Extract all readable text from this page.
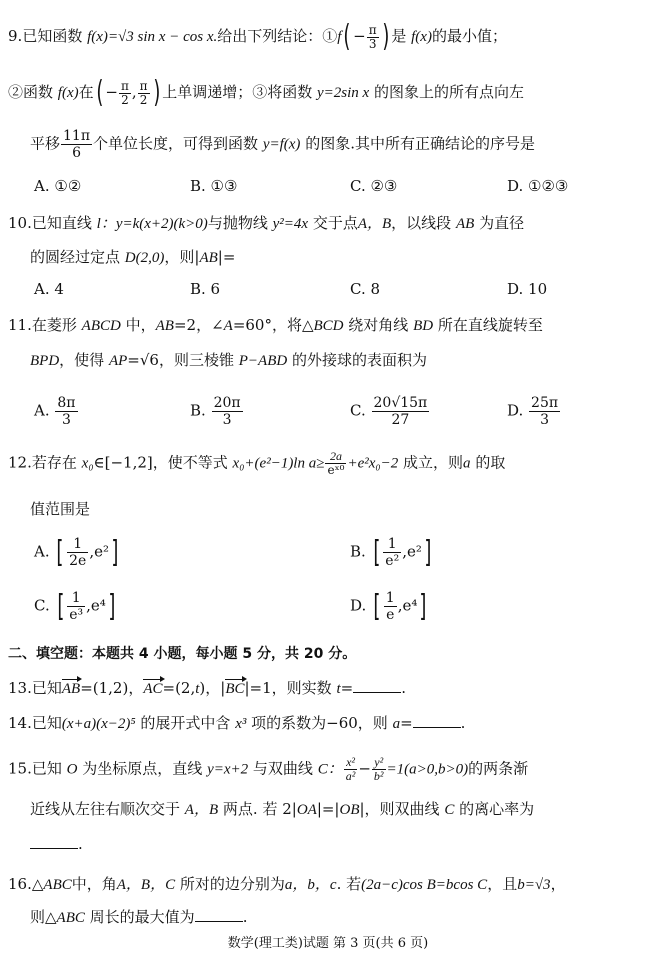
9.已知函数 f(x)=√3 sin x − cos x.给出下列结论：①f( − $\frac{\pi}{3}$ ) 是 f(x)的最小值；
②函数 f(x)在( − $\frac{\pi}{2}$ , $\frac{\pi}{2}$ ) 上单调递增；③将函数 y=2sin x 的图象上的所有点向左
平移 $\frac{11\pi}{6}$ 个单位长度，可得到函数 y=f(x) 的图象.其中所有正确结论的序号是
A. ①②	B. ①③	C. ②③	D. ①②③
10.已知直线 l：y=k(x+2)(k>0)与抛物线 y²=4x 交于点A，B，以线段 AB 为直径
的圆经过定点 D(2,0)，则|AB|=
A. 4	B. 6	C. 8	D. 10
11.在菱形 ABCD 中，AB=2，∠A=60°，将△BCD 绕对角线 BD 所在直线旋转至
BPD，使得 AP=√6，则三棱锥 P−ABD 的外接球的表面积为
A. $\frac{8\pi}{3}$	B. $\frac{20\pi}{3}$	C. $\frac{20√15\pi}{27}$	D. $\frac{25\pi}{3}$
12.若存在 x₀∈[−1,2]，使不等式 x₀+(e²−1)ln $a\ge \frac{2a}{\text{eˣ⁰}} +e^2x_0-2$ 成立，则a 的取
值范围是
A. [ $\frac{1}{2e} ,e^2$]	B. [ $\frac{1}{\text{e²}} ,e^2$]
C. [ $\frac{1}{\text{e³}} ,e^4$]	D. [ $\frac{1}{e} ,e^4$]
二、填空题：本题共 4 小题，每小题 5 分，共 20 分。
13.已知AB=(1,2)，AC=(2,t)，|BC|=1，则实数 t=	.
14.已知(x+a)(x−2)⁵ 的展开式中含 x³ 项的系数为−60，则 a=	.
15.已知 O 为坐标原点，直线 y=x+2 与双曲线 C： $\frac{\text{x²}}{\text{a²}} - \frac{\text{y²}}{\text{b²}} =1(a>0,b>0)$的两条渐
近线从左往右顺次交于 A，B 两点. 若 2|OA|=|OB|，则双曲线 C 的离心率为
.
16.△ABC中，角A，B，C 所对的边分别为a，b，c. 若(2a−c)cos B=bcos C，且b=√3，
则△ABC 周长的最大值为	.
数学(理工类)试题 第 3 页(共 6 页)
